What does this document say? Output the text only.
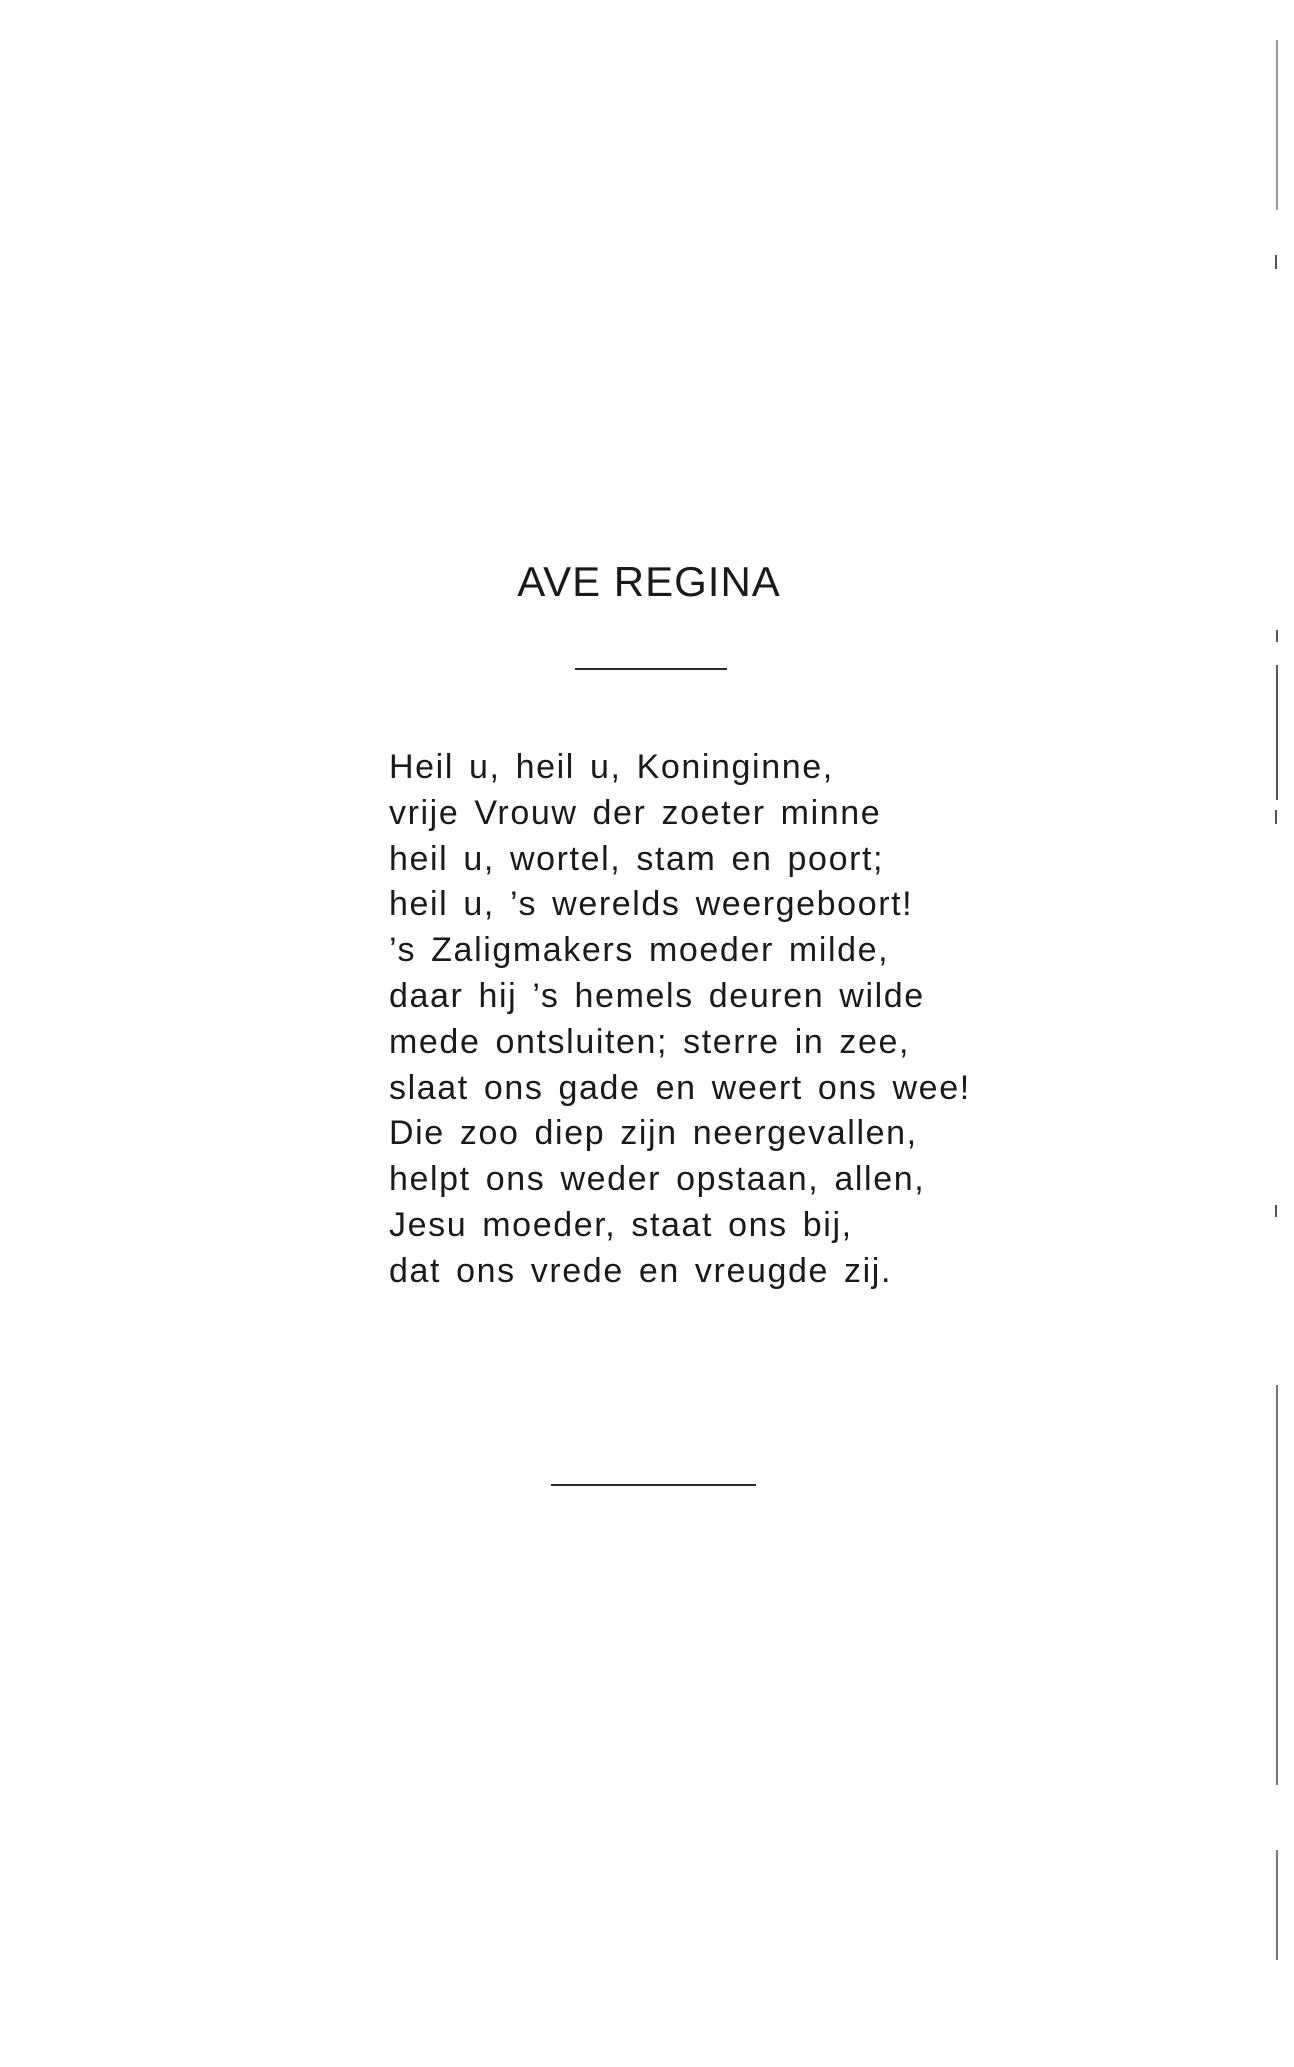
AVE REGINA
Heil u, heil u, Koninginne,
vrije Vrouw der zoeter minne
heil u, wortel, stam en poort;
heil u, ’s werelds weergeboort!
’s Zaligmakers moeder milde,
daar hij ’s hemels deuren wilde
mede ontsluiten; sterre in zee,
slaat ons gade en weert ons wee!
Die zoo diep zijn neergevallen,
helpt ons weder opstaan, allen,
Jesu moeder, staat ons bij,
dat ons vrede en vreugde zij.
